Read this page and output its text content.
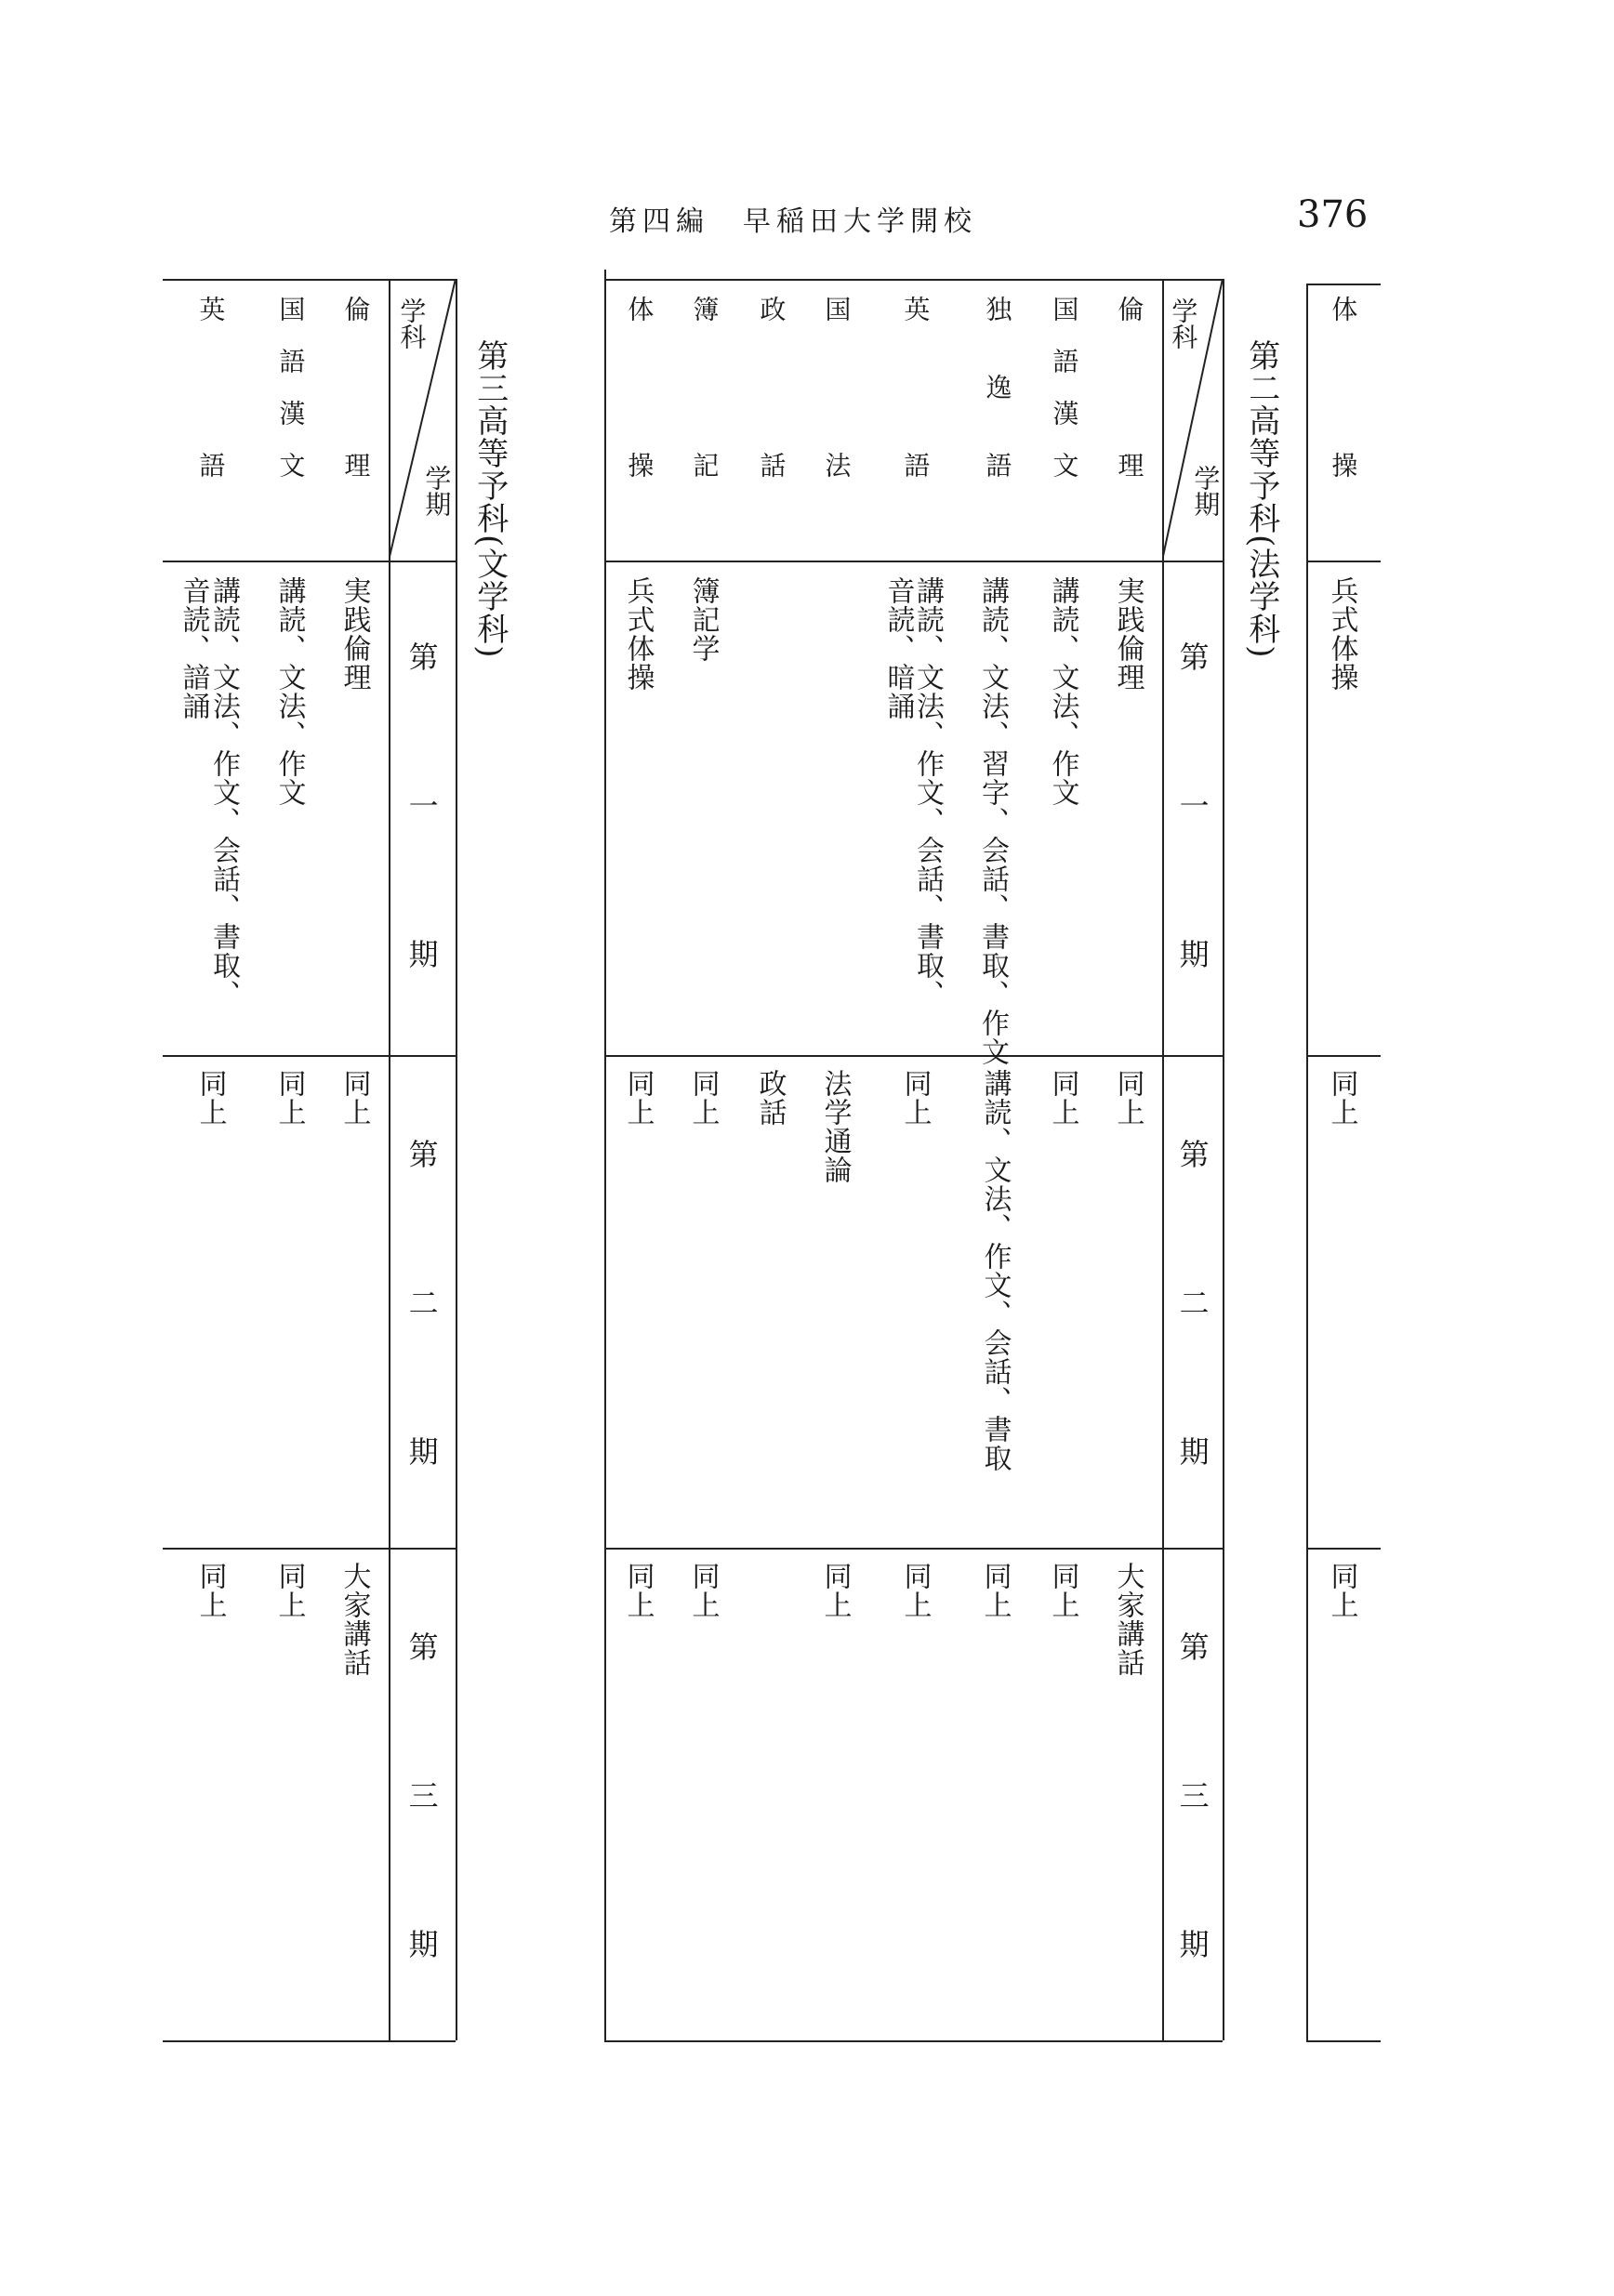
第四編　早稲田大学開校	376
体　　　　　操
兵式体操
同上
同上
第二高等予科(法学科)
学科
学期
第　　　　一　　　　期
第　　　　二　　　　期
第　　　　三　　　　期
倫　　　　　理
実践倫理
同上
大家講話
国　語　漢　文
講読、文法、作文
同上
同上
独　　逸　　語
講読、文法、習字、会話、書取、作文
講読、文法、作文、会話、書取
同上
英　　　　　語
講読、文法、作文、会話、書取、
音読、暗誦
同上
同上
国　　　　　法
法学通論
同上
政　　　　　話
政話
簿　　　　　記
簿記学
同上
同上
体　　　　　操
兵式体操
同上
同上
第三高等予科(文学科)
学科
学期
第　　　　一　　　　期
第　　　　二　　　　期
第　　　　三　　　　期
倫　　　　　理
実践倫理
同上
大家講話
国　語　漢　文
講読、文法、作文
同上
同上
英　　　　　語
講読、文法、作文、会話、書取、
音読、諳誦
同上
同上
